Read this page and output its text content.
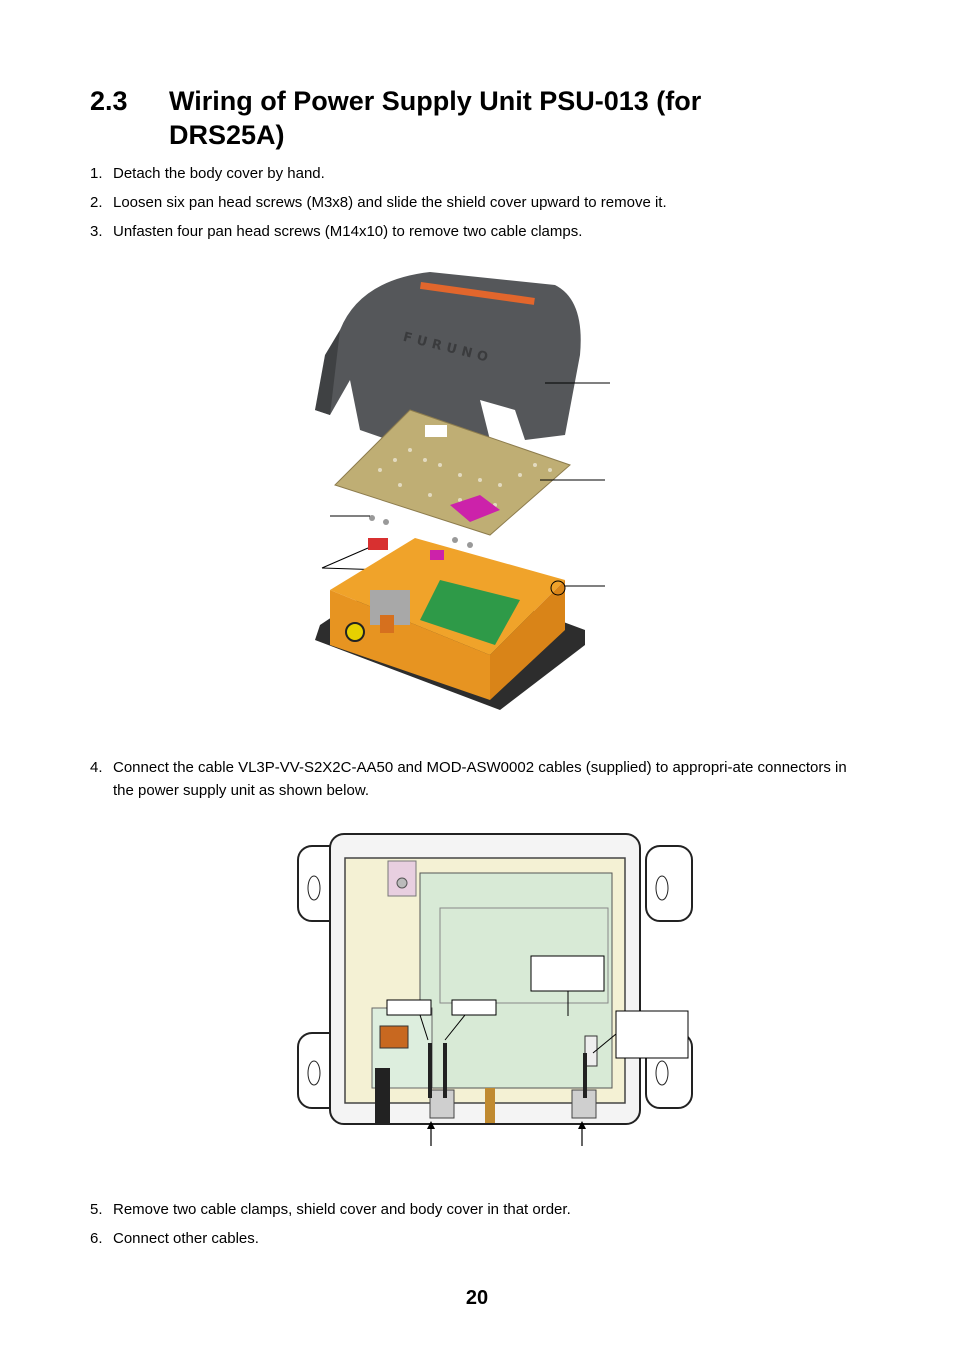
2.3 Wiring of Power Supply Unit PSU-013 (for DRS25A)
1. Detach the body cover by hand.
2. Loosen six pan head screws (M3x8) and slide the shield cover upward to remove it.
3. Unfasten four pan head screws (M14x10) to remove two cable clamps.
FURUNO
4. Connect the cable VL3P-VV-S2X2C-AA50 and MOD-ASW0002 cables (supplied) to appropri-ate connectors in the power supply unit as shown below.
5. Remove two cable clamps, shield cover and body cover in that order.
6. Connect other cables.
20
